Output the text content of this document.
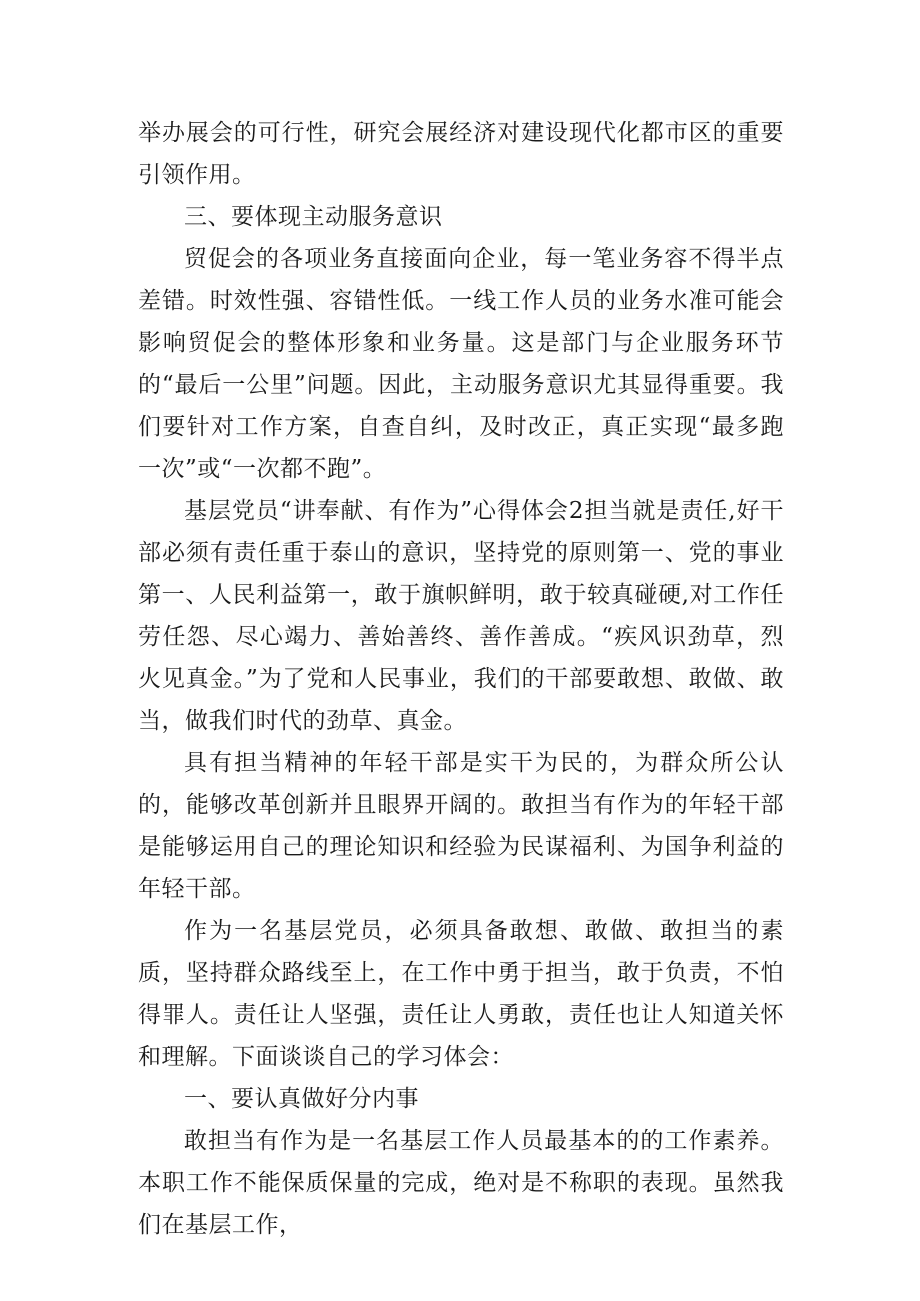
举办展会的可行性，研究会展经济对建设现代化都市区的重要引领作用。

三、要体现主动服务意识

贸促会的各项业务直接面向企业，每一笔业务容不得半点差错。时效性强、容错性低。一线工作人员的业务水准可能会影响贸促会的整体形象和业务量。这是部门与企业服务环节的“最后一公里”问题。因此，主动服务意识尤其显得重要。我们要针对工作方案，自查自纠，及时改正，真正实现“最多跑一次”或“一次都不跑”。

基层党员“讲奉献、有作为”心得体会2担当就是责任,好干部必须有责任重于泰山的意识，坚持党的原则第一、党的事业第一、人民利益第一，敢于旗帜鲜明，敢于较真碰硬,对工作任劳任怨、尽心竭力、善始善终、善作善成。“疾风识劲草，烈火见真金。”为了党和人民事业，我们的干部要敢想、敢做、敢当，做我们时代的劲草、真金。

具有担当精神的年轻干部是实干为民的，为群众所公认的，能够改革创新并且眼界开阔的。敢担当有作为的年轻干部是能够运用自己的理论知识和经验为民谋福利、为国争利益的年轻干部。

作为一名基层党员，必须具备敢想、敢做、敢担当的素质，坚持群众路线至上，在工作中勇于担当，敢于负责，不怕得罪人。责任让人坚强，责任让人勇敢，责任也让人知道关怀和理解。下面谈谈自己的学习体会：

一、要认真做好分内事

敢担当有作为是一名基层工作人员最基本的的工作素养。本职工作不能保质保量的完成，绝对是不称职的表现。虽然我们在基层工作，
